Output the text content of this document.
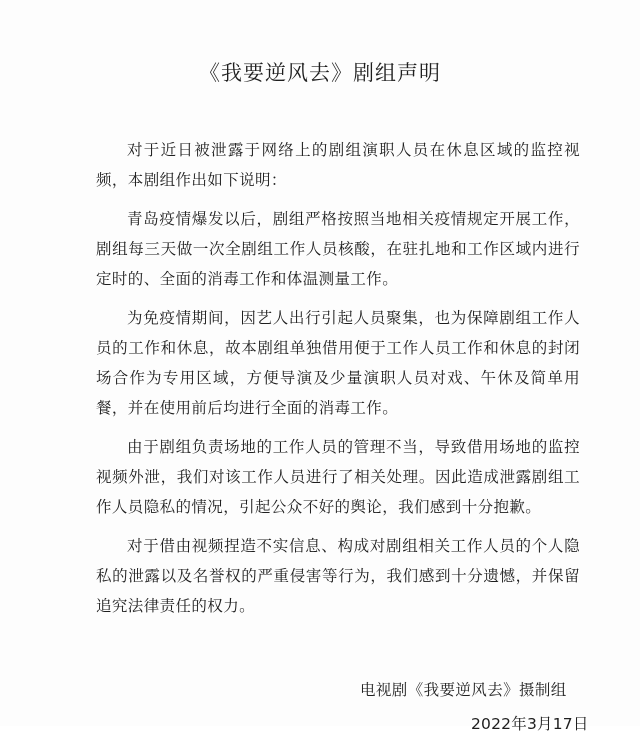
《我要逆风去》剧组声明

对于近日被泄露于网络上的剧组演职人员在休息区域的监控视频，本剧组作出如下说明：

青岛疫情爆发以后，剧组严格按照当地相关疫情规定开展工作，剧组每三天做一次全剧组工作人员核酸，在驻扎地和工作区域内进行定时的、全面的消毒工作和体温测量工作。

为免疫情期间，因艺人出行引起人员聚集，也为保障剧组工作人员的工作和休息，故本剧组单独借用便于工作人员工作和休息的封闭场合作为专用区域，方便导演及少量演职人员对戏、午休及简单用餐，并在使用前后均进行全面的消毒工作。

由于剧组负责场地的工作人员的管理不当，导致借用场地的监控视频外泄，我们对该工作人员进行了相关处理。因此造成泄露剧组工作人员隐私的情况，引起公众不好的舆论，我们感到十分抱歉。

对于借由视频捏造不实信息、构成对剧组相关工作人员的个人隐私的泄露以及名誉权的严重侵害等行为，我们感到十分遗憾，并保留追究法律责任的权力。

电视剧《我要逆风去》摄制组
2022年3月17日
